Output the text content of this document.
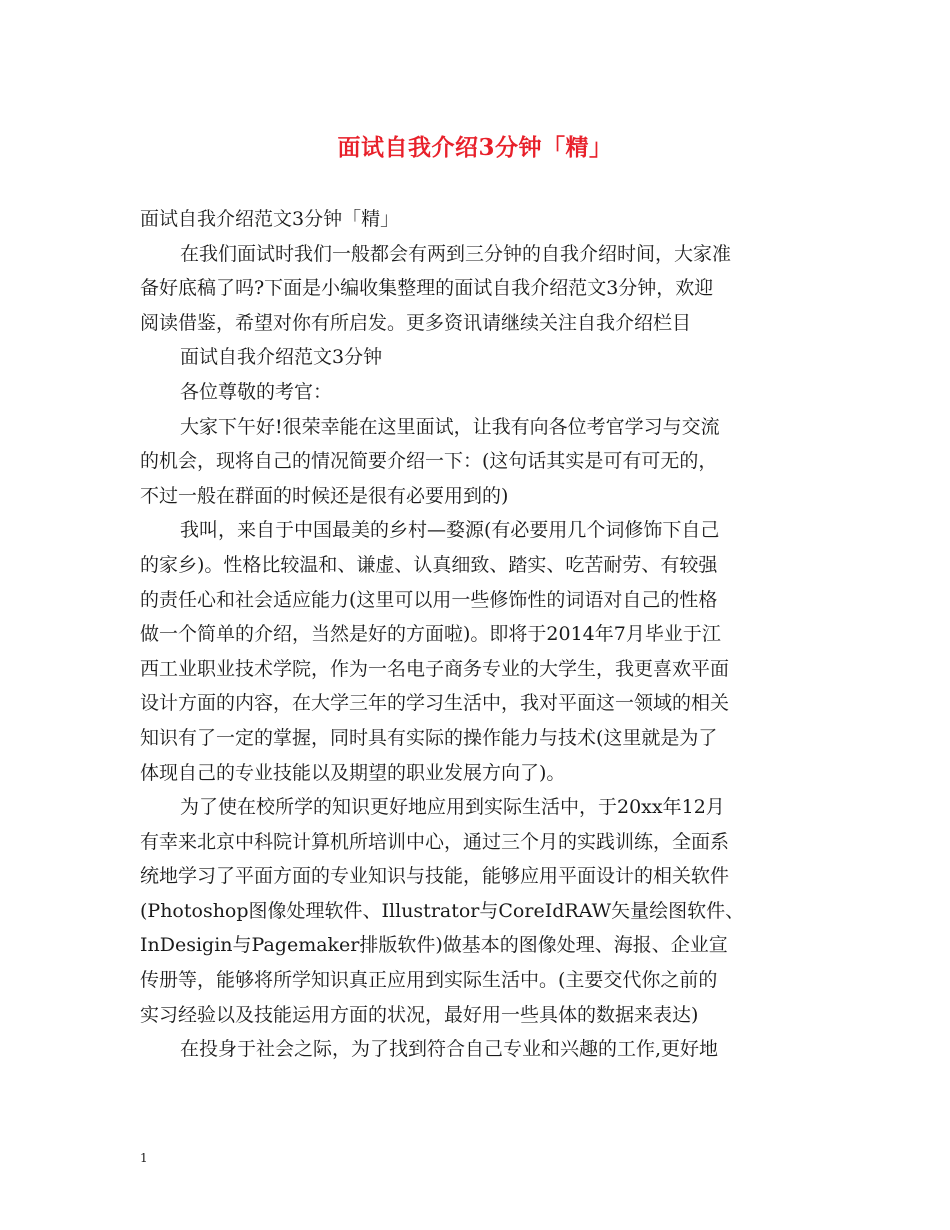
面试自我介绍3分钟「精」

面试自我介绍范文3分钟「精」

在我们面试时我们一般都会有两到三分钟的自我介绍时间，大家准

备好底稿了吗?下面是小编收集整理的面试自我介绍范文3分钟，欢迎

阅读借鉴，希望对你有所启发。更多资讯请继续关注自我介绍栏目

面试自我介绍范文3分钟

各位尊敬的考官：

大家下午好!很荣幸能在这里面试，让我有向各位考官学习与交流

的机会，现将自己的情况简要介绍一下：(这句话其实是可有可无的，

不过一般在群面的时候还是很有必要用到的)

我叫，来自于中国最美的乡村—婺源(有必要用几个词修饰下自己

的家乡)。性格比较温和、谦虚、认真细致、踏实、吃苦耐劳、有较强

的责任心和社会适应能力(这里可以用一些修饰性的词语对自己的性格

做一个简单的介绍，当然是好的方面啦)。即将于2014年7月毕业于江

西工业职业技术学院，作为一名电子商务专业的大学生，我更喜欢平面

设计方面的内容，在大学三年的学习生活中，我对平面这一领域的相关

知识有了一定的掌握，同时具有实际的操作能力与技术(这里就是为了

体现自己的专业技能以及期望的职业发展方向了)。

为了使在校所学的知识更好地应用到实际生活中，于20xx年12月

有幸来北京中科院计算机所培训中心，通过三个月的实践训练，全面系

统地学习了平面方面的专业知识与技能，能够应用平面设计的相关软件

(Photoshop图像处理软件、Illustrator与CoreIdRAW矢量绘图软件、

InDesigin与Pagemaker排版软件)做基本的图像处理、海报、企业宣

传册等，能够将所学知识真正应用到实际生活中。(主要交代你之前的

实习经验以及技能运用方面的状况，最好用一些具体的数据来表达)

在投身于社会之际，为了找到符合自己专业和兴趣的工作,更好地

1
